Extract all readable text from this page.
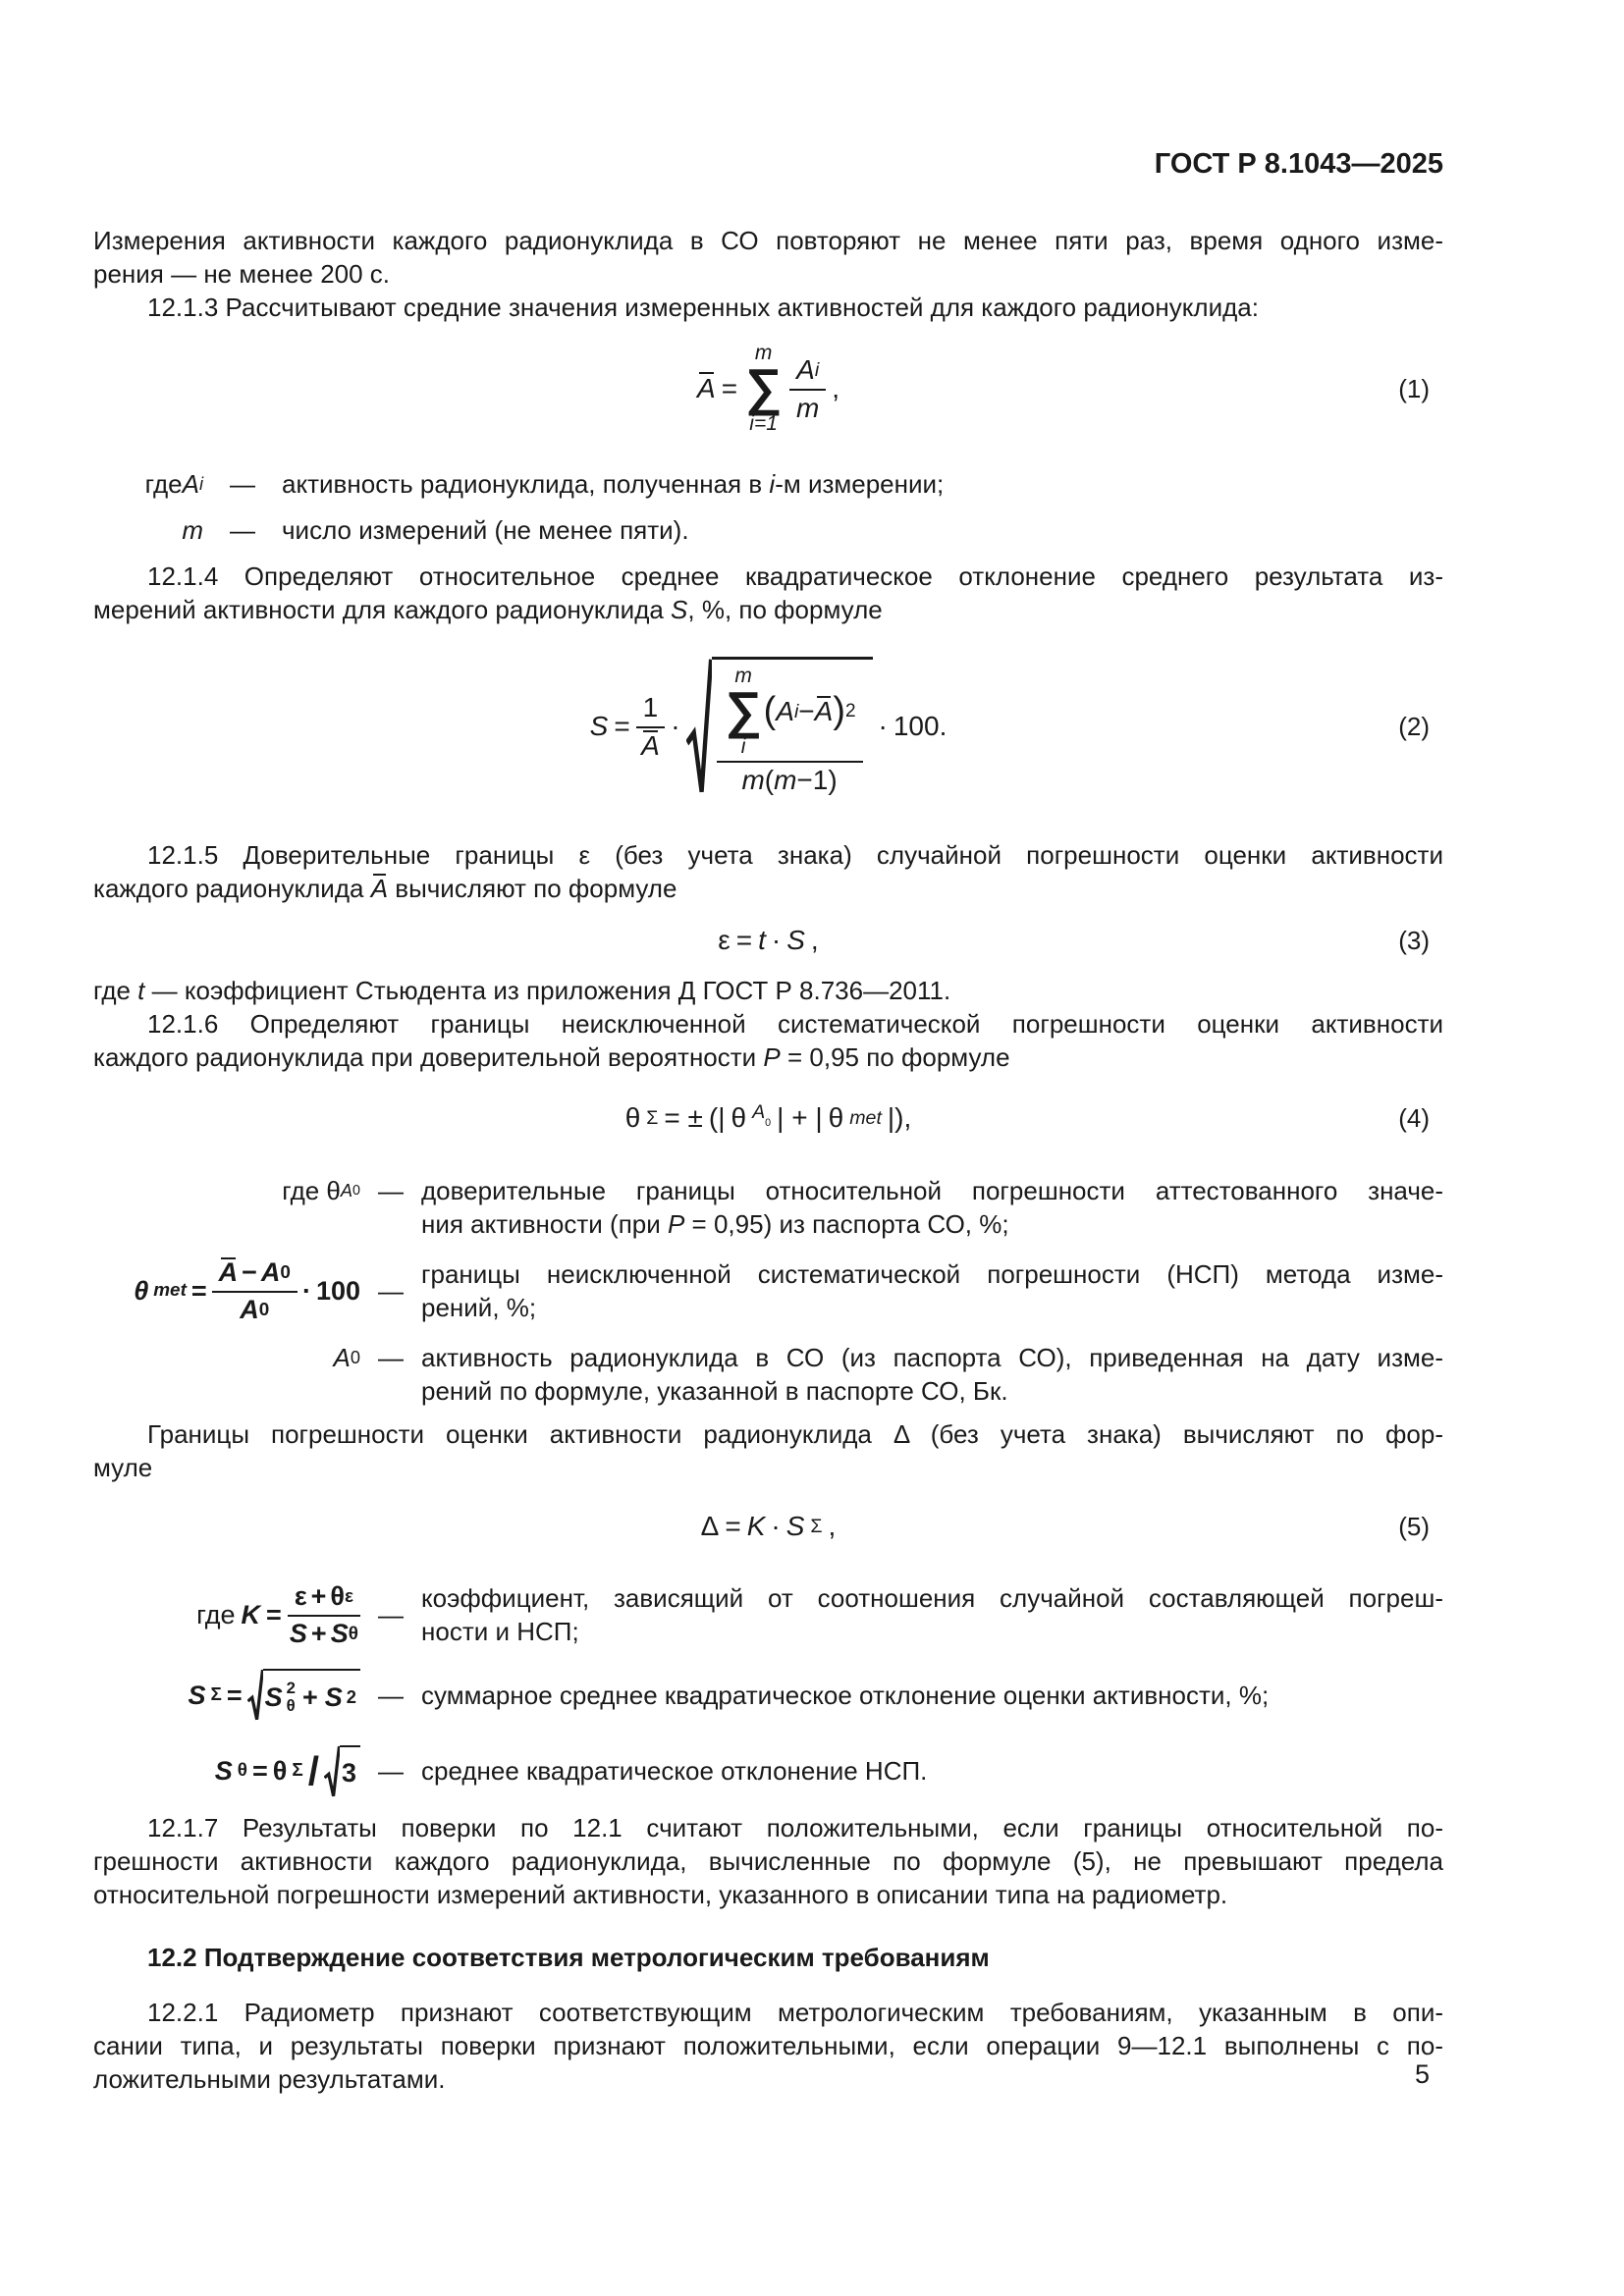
ГОСТ Р 8.1043—2025
Измерения активности каждого радионуклида в СО повторяют не менее пяти раз, время одного изме-
рения — не менее 200 с.
12.1.3 Рассчитывают средние значения измеренных активностей для каждого радионуклида:
A =
m
∑
$i=1 \frac{\text{A i}}{m}$ ,	(1)
где A i	—	активность радионуклида, полученная в i-м измерении;
m	—	число измерений (не менее пяти).
12.1.4 Определяют относительное среднее квадратическое отклонение среднего результата из-
мерений активности для каждого радионуклида S, %, по формуле
$S = \frac{1}{A}$ ·
m
∑
i
( A i − A ) 2
m ( m −1)
· 100.	(2)
12.1.5 Доверительные границы ε (без учета знака) случайной погрешности оценки активности
каждого радионуклида A вычисляют по формуле
ε = t · S ,	(3)
где t — коэффициент Стьюдента из приложения Д ГОСТ Р 8.736—2011.
12.1.6 Определяют границы неисключенной систематической погрешности оценки активности
каждого радионуклида при доверительной вероятности P = 0,95 по формуле
θ Σ = ± (| θ $A_0$ | + | θ met |),	(4)
где θ A 0 — доверительные границы относительной погрешности аттестованного значе-
ния активности (при P = 0,95) из паспорта СО, %;
θ met = $\frac{A - A 0}{A 0} \cdot 100$ —
границы неисключенной систематической погрешности (НСП) метода изме-
рений, %;
A 0 — активность радионуклида в СО (из паспорта СО), приведенная на дату изме-
рений по формуле, указанной в паспорте СО, Бк.
Границы погрешности оценки активности радионуклида Δ (без учета знака) вычисляют по фор-
муле
Δ = K · S Σ ,	(5)
где $K = \frac{\text{ε + θ ε}}{\text{S + S θ}}$ —
коэффициент, зависящий от соотношения случайной составляющей погреш-
ности и НСП;
S Σ = S 2
θ + S 2 — суммарное среднее квадратическое отклонение оценки активности, %;
S θ = θ Σ / 3 — среднее квадратическое отклонение НСП.
12.1.7 Результаты поверки по 12.1 считают положительными, если границы относительной по-
грешности активности каждого радионуклида, вычисленные по формуле (5), не превышают предела
относительной погрешности измерений активности, указанного в описании типа на радиометр.
12.2 Подтверждение соответствия метрологическим требованиям
12.2.1 Радиометр признают соответствующим метрологическим требованиям, указанным в опи-
сании типа, и результаты поверки признают положительными, если операции 9—12.1 выполнены с по-
ложительными результатами.	5
